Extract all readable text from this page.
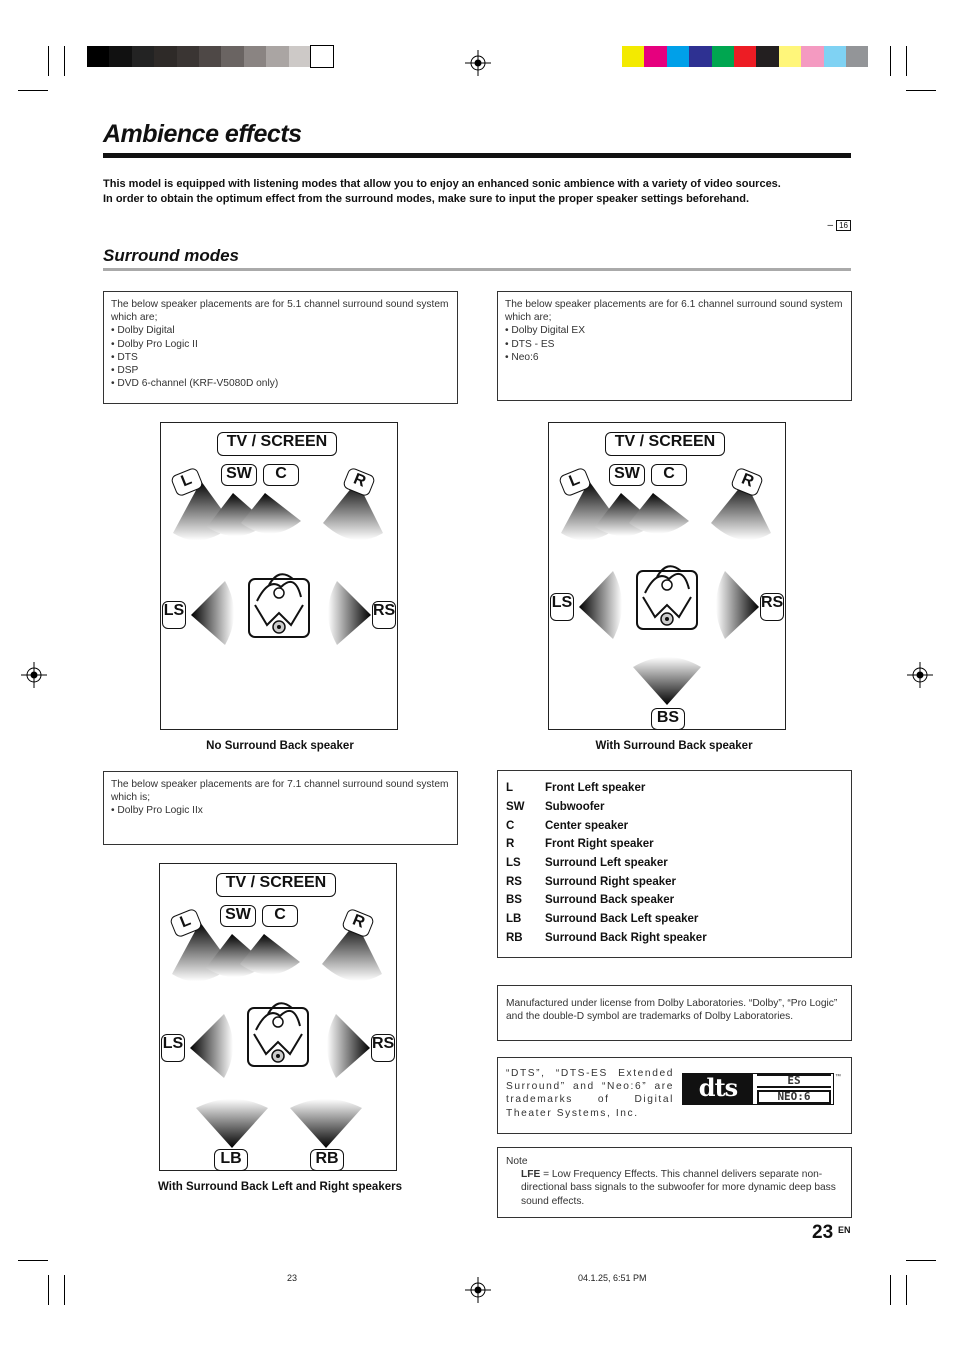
Ambience effects
This model is equipped with listening modes that allow you to enjoy an enhanced sonic ambience with a variety of video sources.
In order to obtain the optimum effect from the surround modes, make sure to input the proper speaker settings beforehand.
– 16
Surround modes
The below speaker placements are for 5.1 channel surround sound system which are;
• Dolby Digital
• Dolby Pro Logic II
• DTS
• DSP
• DVD 6-channel (KRF-V5080D only)
The below speaker placements are for 6.1 channel surround sound system which are;
• Dolby Digital EX
• DTS - ES
• Neo:6
The below speaker placements are for 7.1 channel surround sound system which is;
• Dolby Pro Logic IIx
TV / SCREEN
L	SW	C	R
LS	RS
No Surround Back speaker
TV / SCREEN
L	SW	C	R
LS	RS
BS
With Surround Back speaker
TV / SCREEN
L	SW	C	R
LS	RS
LB	RB
With Surround Back Left and Right speakers
L	Front Left speaker
SW	Subwoofer
C	Center speaker
R	Front Right speaker
LS	Surround Left speaker
RS	Surround Right speaker
BS	Surround Back speaker
LB	Surround Back Left speaker
RB	Surround Back Right speaker
Manufactured under license from Dolby Laboratories. “Dolby”, “Pro Logic” and the double-D symbol are trademarks of Dolby Laboratories.
“DTS”, “DTS-ES Extended Surround” and “Neo:6” are trademarks of Digital Theater Systems, Inc.
dts	ES
NEO:6
™
Note
LFE = Low Frequency Effects. This channel delivers separate non-directional bass signals to the subwoofer for more dynamic deep bass sound effects.
23 EN
23	04.1.25, 6:51 PM
